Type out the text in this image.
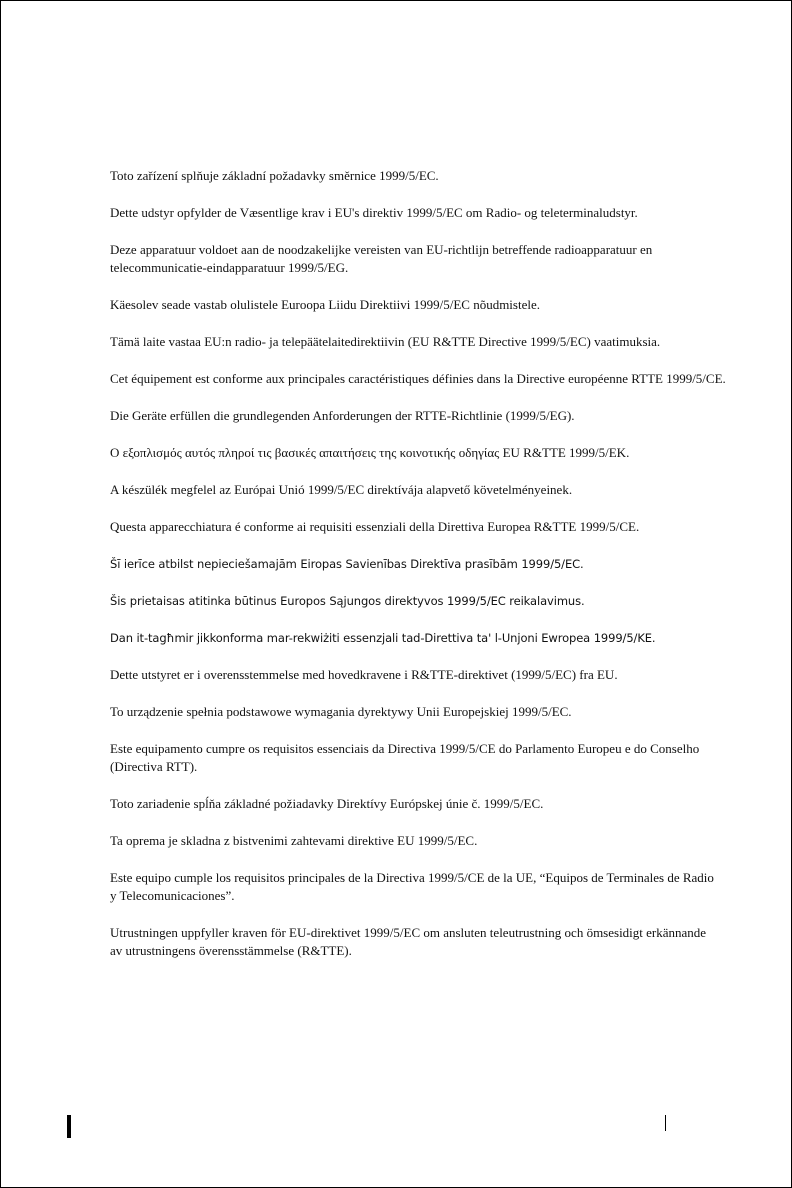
Toto zařízení splňuje základní požadavky směrnice 1999/5/EC.

Dette udstyr opfylder de Væsentlige krav i EU's direktiv 1999/5/EC om Radio- og teleterminaludstyr.

Deze apparatuur voldoet aan de noodzakelijke vereisten van EU-richtlijn betreffende radioapparatuur en
telecommunicatie-eindapparatuur 1999/5/EG.

Käesolev seade vastab olulistele Euroopa Liidu Direktiivi 1999/5/EC nõudmistele.

Tämä laite vastaa EU:n radio- ja telepäätelaitedirektiivin (EU R&TTE Directive 1999/5/EC) vaatimuksia.

Cet équipement est conforme aux principales caractéristiques définies dans la Directive européenne RTTE 1999/5/CE.

Die Geräte erfüllen die grundlegenden Anforderungen der RTTE-Richtlinie (1999/5/EG).

Ο εξοπλισμός αυτός πληροί τις βασικές απαιτήσεις της κοινοτικής οδηγίας EU R&TTE 1999/5/EK.

A készülék megfelel az Európai Unió 1999/5/EC direktívája alapvető követelményeinek.

Questa apparecchiatura é conforme ai requisiti essenziali della Direttiva Europea R&TTE 1999/5/CE.

Šī ierīce atbilst nepieciešamajām Eiropas Savienības Direktīva prasībām 1999/5/EC.

Šis prietaisas atitinka būtinus Europos Sąjungos direktyvos 1999/5/EC reikalavimus.

Dan it-tagħmir jikkonforma mar-rekwiżiti essenzjali tad-Direttiva ta' l-Unjoni Ewropea 1999/5/KE.

Dette utstyret er i overensstemmelse med hovedkravene i R&TTE-direktivet (1999/5/EC) fra EU.

To urządzenie spełnia podstawowe wymagania dyrektywy Unii Europejskiej 1999/5/EC.

Este equipamento cumpre os requisitos essenciais da Directiva 1999/5/CE do Parlamento Europeu e do Conselho
(Directiva RTT).

Toto zariadenie spĺňa základné požiadavky Direktívy Európskej únie č. 1999/5/EC.

Ta oprema je skladna z bistvenimi zahtevami direktive EU 1999/5/EC.

Este equipo cumple los requisitos principales de la Directiva 1999/5/CE de la UE, “Equipos de Terminales de Radio
y Telecomunicaciones”.

Utrustningen uppfyller kraven för EU-direktivet 1999/5/EC om ansluten teleutrustning och ömsesidigt erkännande
av utrustningens överensstämmelse (R&TTE).
